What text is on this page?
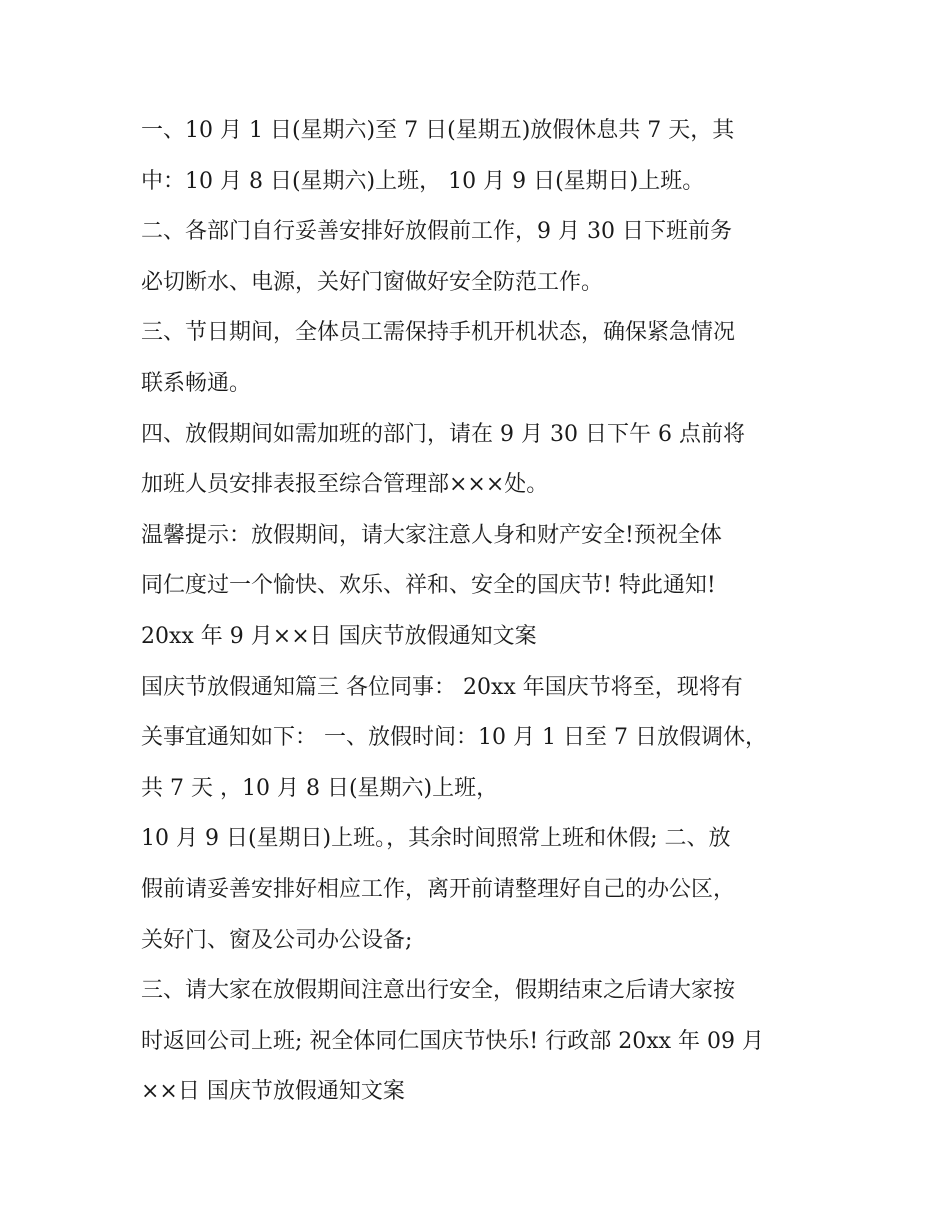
一、10 月 1 日(星期六)至 7 日(星期五)放假休息共 7 天，其
中：10 月 8 日(星期六)上班， 10 月 9 日(星期日)上班。
二、各部门自行妥善安排好放假前工作，9 月 30 日下班前务
必切断水、电源，关好门窗做好安全防范工作。
三、节日期间，全体员工需保持手机开机状态，确保紧急情况
联系畅通。
四、放假期间如需加班的部门，请在 9 月 30 日下午 6 点前将
加班人员安排表报至综合管理部×××处。
温馨提示：放假期间，请大家注意人身和财产安全!预祝全体
同仁度过一个愉快、欢乐、祥和、安全的国庆节! 特此通知!
20xx 年 9 月××日 国庆节放假通知文案
国庆节放假通知篇三 各位同事： 20xx 年国庆节将至，现将有
关事宜通知如下： 一、放假时间：10 月 1 日至 7 日放假调休，
共 7 天 ，10 月 8 日(星期六)上班，
10 月 9 日(星期日)上班。，其余时间照常上班和休假; 二、放
假前请妥善安排好相应工作，离开前请整理好自己的办公区，
关好门、窗及公司办公设备;
三、请大家在放假期间注意出行安全，假期结束之后请大家按
时返回公司上班; 祝全体同仁国庆节快乐! 行政部 20xx 年 09 月
××日 国庆节放假通知文案
